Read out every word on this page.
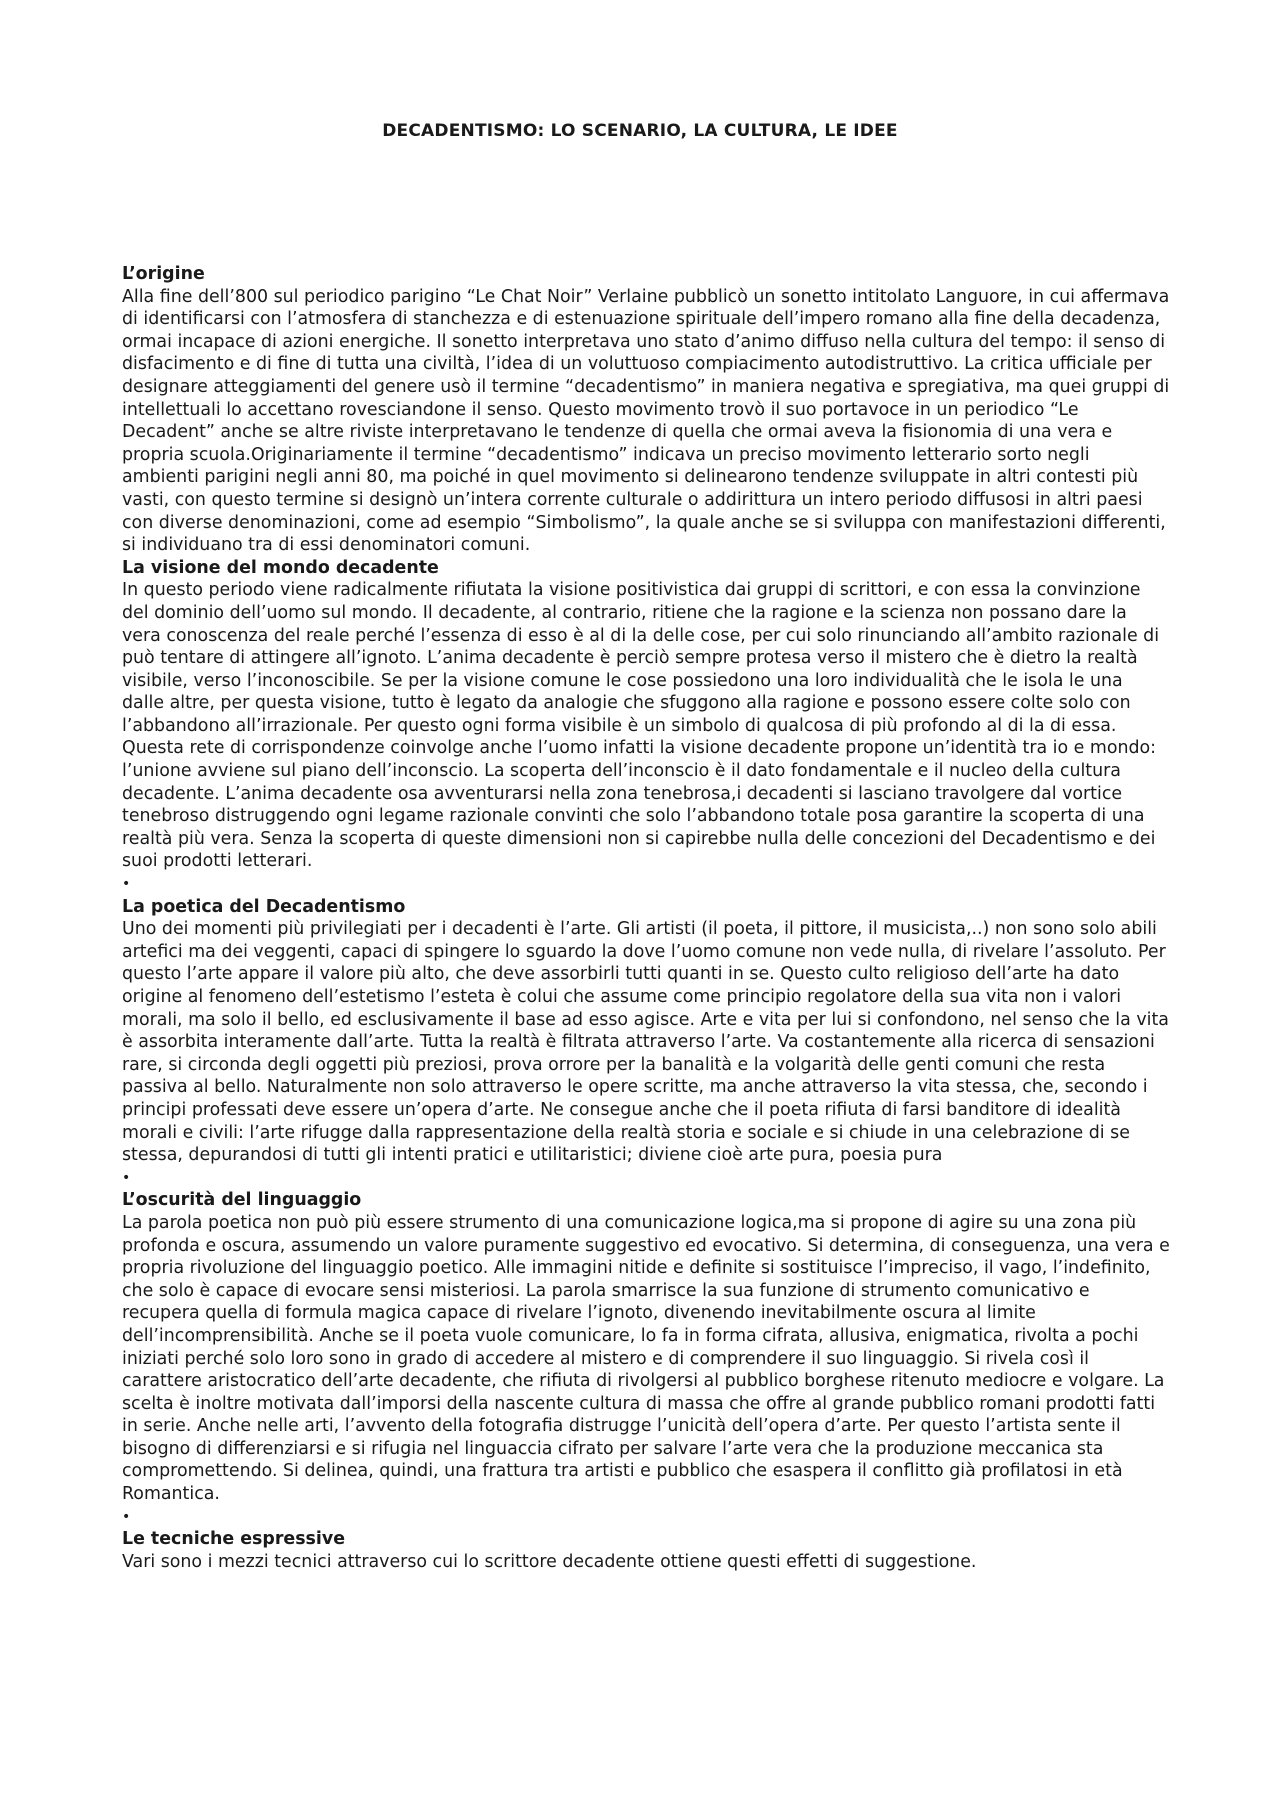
DECADENTISMO: LO SCENARIO, LA CULTURA, LE IDEE
L’origine

Alla fine dell’800 sul periodico parigino “Le Chat Noir” Verlaine pubblicò un sonetto intitolato Languore, in cui affermava di identificarsi con l’atmosfera di stanchezza e di estenuazione spirituale dell’impero romano alla fine della decadenza, ormai incapace di azioni energiche. Il sonetto interpretava uno stato d’animo diffuso nella cultura del tempo: il senso di disfacimento e di fine di tutta una civiltà, l’idea di un voluttuoso compiacimento autodistruttivo. La critica ufficiale per designare atteggiamenti del genere usò il termine “decadentismo” in maniera negativa e spregiativa, ma quei gruppi di intellettuali lo accettano rovesciandone il senso. Questo movimento trovò il suo portavoce in un periodico “Le Decadent” anche se altre riviste interpretavano le tendenze di quella che ormai aveva la fisionomia di una vera e propria scuola.Originariamente il termine “decadentismo” indicava un preciso movimento letterario sorto negli ambienti parigini negli anni 80, ma poiché in quel movimento si delinearono tendenze sviluppate in altri contesti più vasti, con questo termine si designò un’intera corrente culturale o addirittura un intero periodo diffusosi in altri paesi con diverse denominazioni, come ad esempio “Simbolismo”, la quale anche se si sviluppa con manifestazioni differenti, si individuano tra di essi denominatori comuni.

La visione del mondo decadente

In questo periodo viene radicalmente rifiutata la visione positivistica dai gruppi di scrittori, e con essa la convinzione del dominio dell’uomo sul mondo. Il decadente, al contrario, ritiene che la ragione e la scienza non possano dare la vera conoscenza del reale perché l’essenza di esso è al di la delle cose, per cui solo rinunciando all’ambito razionale di può tentare di attingere all’ignoto. L’anima decadente è perciò sempre protesa verso il mistero che è dietro la realtà visibile, verso l’inconoscibile. Se per la visione comune le cose possiedono una loro individualità che le isola le una dalle altre, per questa visione, tutto è legato da analogie che sfuggono alla ragione e possono essere colte solo con l’abbandono all’irrazionale. Per questo ogni forma visibile è un simbolo di qualcosa di più profondo al di la di essa. Questa rete di corrispondenze coinvolge anche l’uomo infatti la visione decadente propone un’identità tra io e mondo: l’unione avviene sul piano dell’inconscio. La scoperta dell’inconscio è il dato fondamentale e il nucleo della cultura decadente. L’anima decadente osa avventurarsi nella zona tenebrosa,i decadenti si lasciano travolgere dal vortice tenebroso distruggendo ogni legame razionale convinti che solo l’abbandono totale posa garantire la scoperta di una realtà più vera. Senza la scoperta di queste dimensioni non si capirebbe nulla delle concezioni del Decadentismo e dei suoi prodotti letterari.

•
La poetica del Decadentismo

Uno dei momenti più privilegiati per i decadenti è l’arte. Gli artisti (il poeta, il pittore, il musicista,..) non sono solo abili artefici ma dei veggenti, capaci di spingere lo sguardo la dove l’uomo comune non vede nulla, di rivelare l’assoluto. Per questo l’arte appare il valore più alto, che deve assorbirli tutti quanti in se. Questo culto religioso dell’arte ha dato origine al fenomeno dell’estetismo l’esteta è colui che assume come principio regolatore della sua vita non i valori morali, ma solo il bello, ed esclusivamente il base ad esso agisce. Arte e vita per lui si confondono, nel senso che la vita è assorbita interamente dall’arte. Tutta la realtà è filtrata attraverso l’arte. Va costantemente alla ricerca di sensazioni rare, si circonda degli oggetti più preziosi, prova orrore per la banalità e la volgarità delle genti comuni che resta passiva al bello. Naturalmente non solo attraverso le opere scritte, ma anche attraverso la vita stessa, che, secondo i principi professati deve essere un’opera d’arte. Ne consegue anche che il poeta rifiuta di farsi banditore di idealità morali e civili: l’arte rifugge dalla rappresentazione della realtà storia e sociale e si chiude in una celebrazione di se stessa, depurandosi di tutti gli intenti pratici e utilitaristici; diviene cioè arte pura, poesia pura

•
L’oscurità del linguaggio

La parola poetica non può più essere strumento di una comunicazione logica,ma si propone di agire su una zona più profonda e oscura, assumendo un valore puramente suggestivo ed evocativo. Si determina, di conseguenza, una vera e propria rivoluzione del linguaggio poetico. Alle immagini nitide e definite si sostituisce l’impreciso, il vago, l’indefinito, che solo è capace di evocare sensi misteriosi. La parola smarrisce la sua funzione di strumento comunicativo e recupera quella di formula magica capace di rivelare l’ignoto, divenendo inevitabilmente oscura al limite dell’incomprensibilità. Anche se il poeta vuole comunicare, lo fa in forma cifrata, allusiva, enigmatica, rivolta a pochi iniziati perché solo loro sono in grado di accedere al mistero e di comprendere il suo linguaggio. Si rivela così il carattere aristocratico dell’arte decadente, che rifiuta di rivolgersi al pubblico borghese ritenuto mediocre e volgare. La scelta è inoltre motivata dall’imporsi della nascente cultura di massa che offre al grande pubblico romani prodotti fatti in serie. Anche nelle arti, l’avvento della fotografia distrugge l’unicità dell’opera d’arte. Per questo l’artista sente il bisogno di differenziarsi e si rifugia nel linguaccia cifrato per salvare l’arte vera che la produzione meccanica sta compromettendo. Si delinea, quindi, una frattura tra artisti e pubblico che esaspera il conflitto già profilatosi in età Romantica.

•
Le tecniche espressive

Vari sono i mezzi tecnici attraverso cui lo scrittore decadente ottiene questi effetti di suggestione.
